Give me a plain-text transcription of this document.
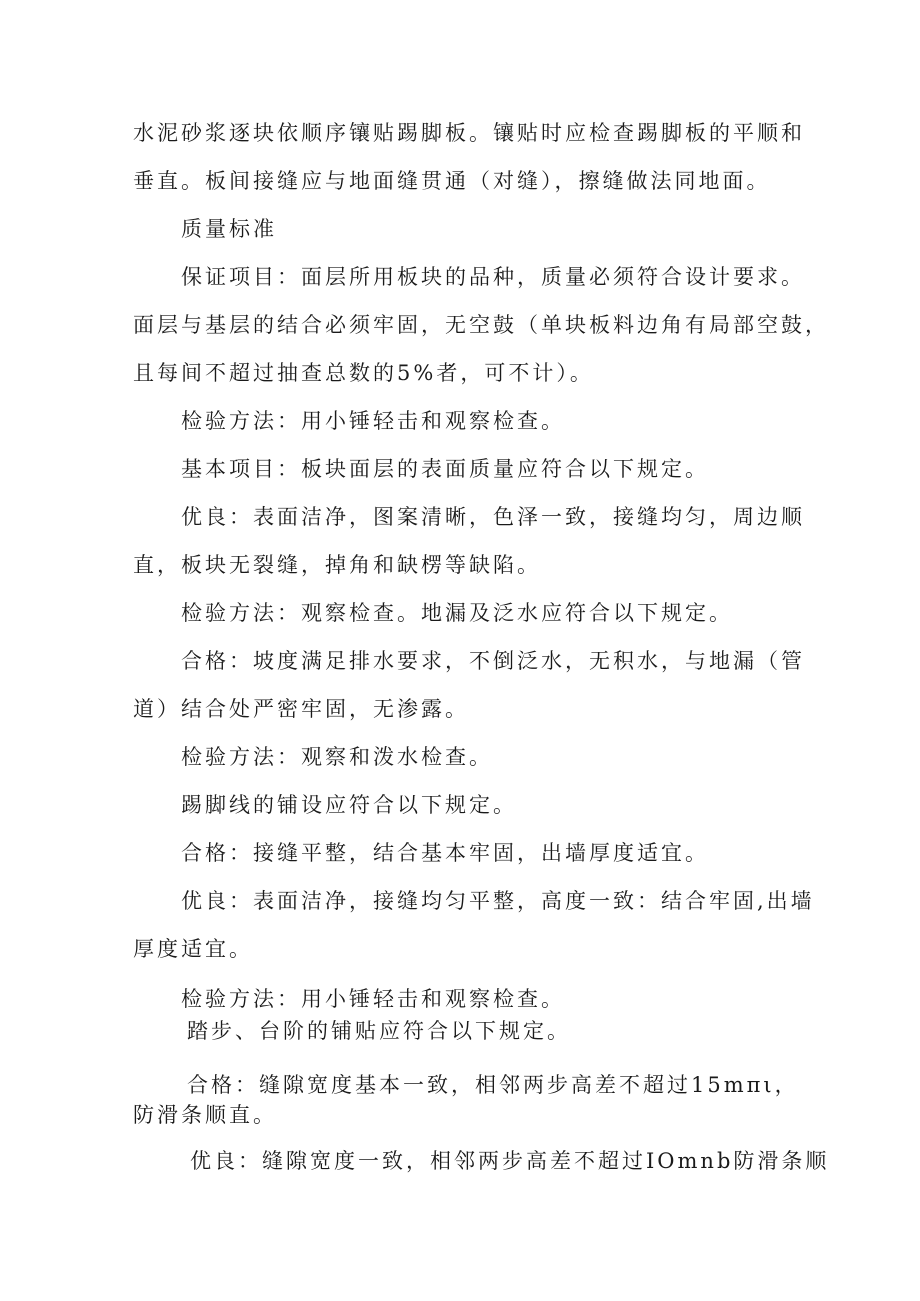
水泥砂浆逐块依顺序镶贴踢脚板。镶贴时应检查踢脚板的平顺和
垂直。板间接缝应与地面缝贯通（对缝），擦缝做法同地面。
质量标准
保证项目：面层所用板块的品种，质量必须符合设计要求。
面层与基层的结合必须牢固，无空鼓（单块板料边角有局部空鼓，
且每间不超过抽查总数的5%者，可不计）。
检验方法：用小锤轻击和观察检查。
基本项目：板块面层的表面质量应符合以下规定。
优良：表面洁净，图案清晰，色泽一致，接缝均匀，周边顺
直，板块无裂缝，掉角和缺楞等缺陷。
检验方法：观察检查。地漏及泛水应符合以下规定。
合格：坡度满足排水要求，不倒泛水，无积水，与地漏（管
道）结合处严密牢固，无渗露。
检验方法：观察和泼水检查。
踢脚线的铺设应符合以下规定。
合格：接缝平整，结合基本牢固，出墙厚度适宜。
优良：表面洁净，接缝均匀平整，高度一致：结合牢固,出墙
厚度适宜。
检验方法：用小锤轻击和观察检查。
踏步、台阶的铺贴应符合以下规定。
合格：缝隙宽度基本一致，相邻两步高差不超过15mπι，
防滑条顺直。
优良：缝隙宽度一致，相邻两步高差不超过IOmnb防滑条顺
